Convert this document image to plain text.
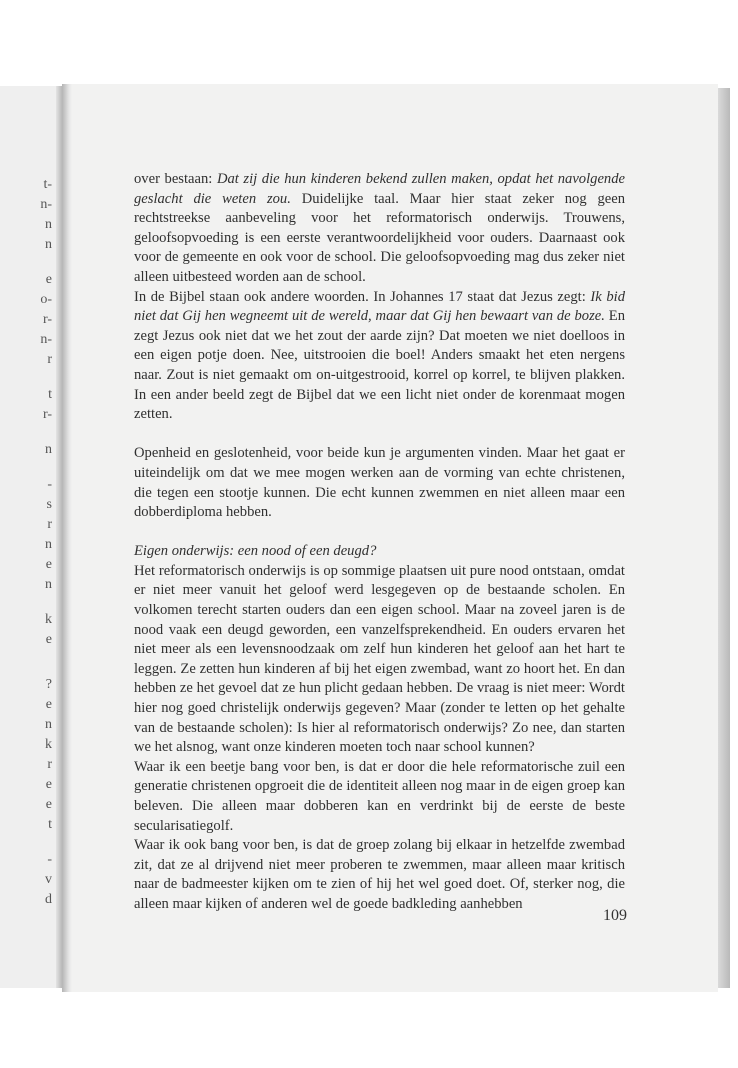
t-
n-
n
n
e
o-
r-
n-
r
t
r-
n
-
s
r
n
e
n
k
e
?
e
n
k
r
e
e
t
-
v
d

over bestaan: Dat zij die hun kinderen bekend zullen maken, opdat het navolgende geslacht die weten zou. Duidelijke taal. Maar hier staat zeker nog geen rechtstreekse aanbeveling voor het reformatorisch onderwijs. Trouwens, geloofsopvoeding is een eerste verantwoordelijkheid voor ouders. Daarnaast ook voor de gemeente en ook voor de school. Die geloofsopvoeding mag dus zeker niet alleen uitbesteed worden aan de school.

In de Bijbel staan ook andere woorden. In Johannes 17 staat dat Jezus zegt: Ik bid niet dat Gij hen wegneemt uit de wereld, maar dat Gij hen bewaart van de boze. En zegt Jezus ook niet dat we het zout der aarde zijn? Dat moeten we niet doelloos in een eigen potje doen. Nee, uitstrooien die boel! Anders smaakt het eten nergens naar. Zout is niet gemaakt om on-uitgestrooid, korrel op korrel, te blijven plakken. In een ander beeld zegt de Bijbel dat we een licht niet onder de korenmaat mogen zetten.

Openheid en geslotenheid, voor beide kun je argumenten vinden. Maar het gaat er uiteindelijk om dat we mee mogen werken aan de vorming van echte christenen, die tegen een stootje kunnen. Die echt kunnen zwemmen en niet alleen maar een dobberdiploma hebben.

Eigen onderwijs: een nood of een deugd?

Het reformatorisch onderwijs is op sommige plaatsen uit pure nood ontstaan, omdat er niet meer vanuit het geloof werd lesgegeven op de bestaande scholen. En volkomen terecht starten ouders dan een eigen school. Maar na zoveel jaren is de nood vaak een deugd geworden, een vanzelfsprekendheid. En ouders ervaren het niet meer als een levensnoodzaak om zelf hun kinderen het geloof aan het hart te leggen. Ze zetten hun kinderen af bij het eigen zwembad, want zo hoort het. En dan hebben ze het gevoel dat ze hun plicht gedaan hebben. De vraag is niet meer: Wordt hier nog goed christelijk onderwijs gegeven? Maar (zonder te letten op het gehalte van de bestaande scholen): Is hier al reformatorisch onderwijs? Zo nee, dan starten we het alsnog, want onze kinderen moeten toch naar school kunnen?

Waar ik een beetje bang voor ben, is dat er door die hele reformatorische zuil een generatie christenen opgroeit die de identiteit alleen nog maar in de eigen groep kan beleven. Die alleen maar dobberen kan en verdrinkt bij de eerste de beste secularisatiegolf.

Waar ik ook bang voor ben, is dat de groep zolang bij elkaar in hetzelfde zwembad zit, dat ze al drijvend niet meer proberen te zwemmen, maar alleen maar kritisch naar de badmeester kijken om te zien of hij het wel goed doet. Of, sterker nog, die alleen maar kijken of anderen wel de goede badkleding aanhebben

109
